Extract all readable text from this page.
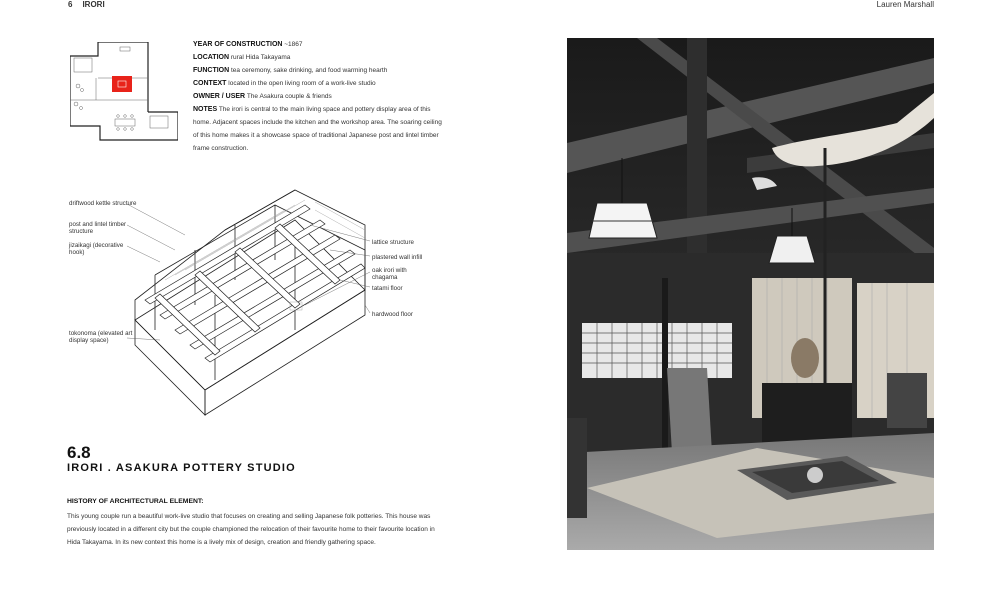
6 IRORI	Lauren Marshall
YEAR OF CONSTRUCTION ~1867
LOCATION rural Hida Takayama
FUNCTION tea ceremony, sake drinking, and food warming hearth
CONTEXT located in the open living room of a work-live studio
OWNER / USER The Asakura couple & friends
NOTES The irori is central to the main living space and pottery display area of this home. Adjacent spaces include the kitchen and the workshop area. The soaring ceiling of this home makes it a showcase space of traditional Japanese post and lintel timber frame construction.
driftwood kettle structure
post and lintel timber structure
jizaikagi (decorative hook)
tokonoma (elevated art display space)
lattice structure
plastered wall infill
oak irori with chagama
tatami floor
hardwood floor
6.8
IRORI . ASAKURA POTTERY STUDIO
HISTORY OF ARCHITECTURAL ELEMENT:
This young couple run a beautiful work-live studio that focuses on creating and selling Japanese folk potteries. This house was previously located in a different city but the couple championed the relocation of their favourite home to their favourite location in Hida Takayama. In its new context this home is a lively mix of design, creation and friendly gathering space.
